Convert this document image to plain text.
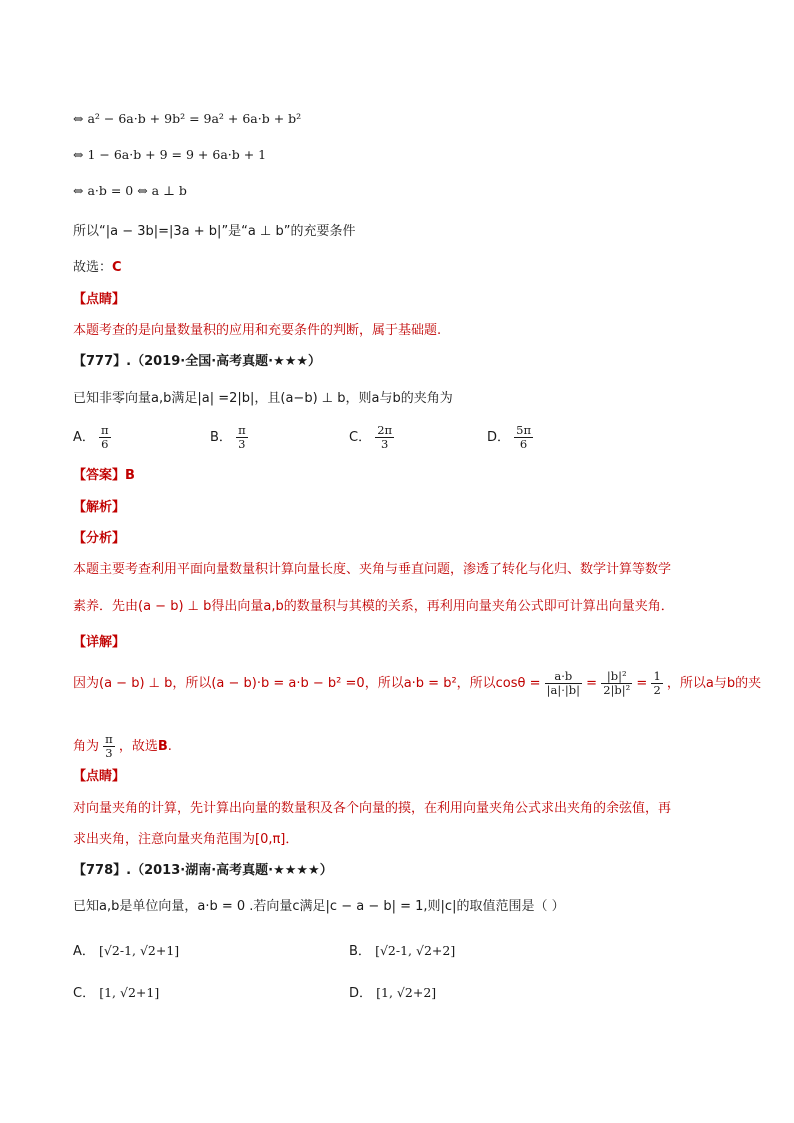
⇔ a² − 6a·b + 9b² = 9a² + 6a·b + b²
⇔ 1 − 6a·b + 9 = 9 + 6a·b + 1
⇔ a·b = 0 ⇔ a ⊥ b
所以“|a − 3b|=|3a + b|”是“a ⊥ b”的充要条件
故选：C
【点睛】
本题考查的是向量数量积的应用和充要条件的判断，属于基础题.
【777】.（2019·全国·高考真题·★★★）
已知非零向量a,b满足|a| =2|b|，且(a−b) ⊥ b，则a与b的夹角为
A． $\frac{\pi}{6}$	B． $\frac{\pi}{3}$	C． $\frac{2\pi}{3}$	D． $\frac{5\pi}{6}$
【答案】B
【解析】
【分析】
本题主要考查利用平面向量数量积计算向量长度、夹角与垂直问题，渗透了转化与化归、数学计算等数学
素养．先由(a − b) ⊥ b得出向量a,b的数量积与其模的关系，再利用向量夹角公式即可计算出向量夹角．
【详解】
因为(a − b) ⊥ b，所以(a − b)·b = a·b − b² =0，所以a·b = b²，所以$\cos\theta = \frac{a\cdot b}{|a|\cdot|b|} = \frac{\text{|b|²}}{\text{2|b|²}} = \frac{1}{2}$ ，所以a与b的夹
角为 $\frac{\pi}{3}$ ，故选B.
【点睛】
对向量夹角的计算，先计算出向量的数量积及各个向量的摸，在利用向量夹角公式求出夹角的余弦值，再
求出夹角，注意向量夹角范围为[0,π]．
【778】.（2013·湖南·高考真题·★★★★）
已知a,b是单位向量，a·b = 0 .若向量c满足|c − a − b| = 1,则|c|的取值范围是（ ）
A． [√2-1, √2+1]	B． [√2-1, √2+2]
C． [1, √2+1]	D． [1, √2+2]
